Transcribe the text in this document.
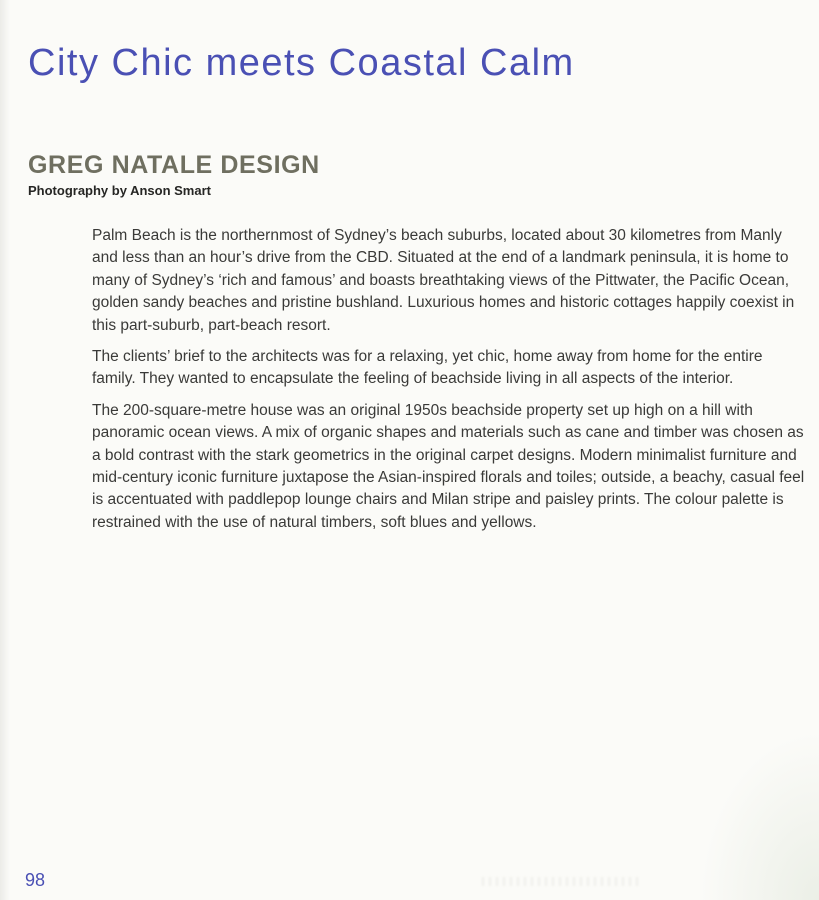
City Chic meets Coastal Calm
GREG NATALE DESIGN
Photography by Anson Smart

Palm Beach is the northernmost of Sydney’s beach suburbs, located about 30 kilometres from Manly and less than an hour’s drive from the CBD. Situated at the end of a landmark peninsula, it is home to many of Sydney’s ‘rich and famous’ and boasts breathtaking views of the Pittwater, the Pacific Ocean, golden sandy beaches and pristine bushland. Luxurious homes and historic cottages happily coexist in this part-suburb, part-beach resort.

The clients’ brief to the architects was for a relaxing, yet chic, home away from home for the entire family. They wanted to encapsulate the feeling of beachside living in all aspects of the interior.

The 200-square-metre house was an original 1950s beachside property set up high on a hill with panoramic ocean views. A mix of organic shapes and materials such as cane and timber was chosen as a bold contrast with the stark geometrics in the original carpet designs. Modern minimalist furniture and mid-century iconic furniture juxtapose the Asian-inspired florals and toiles; outside, a beachy, casual feel is accentuated with paddlepop lounge chairs and Milan stripe and paisley prints. The colour palette is restrained with the use of natural timbers, soft blues and yellows.

98
